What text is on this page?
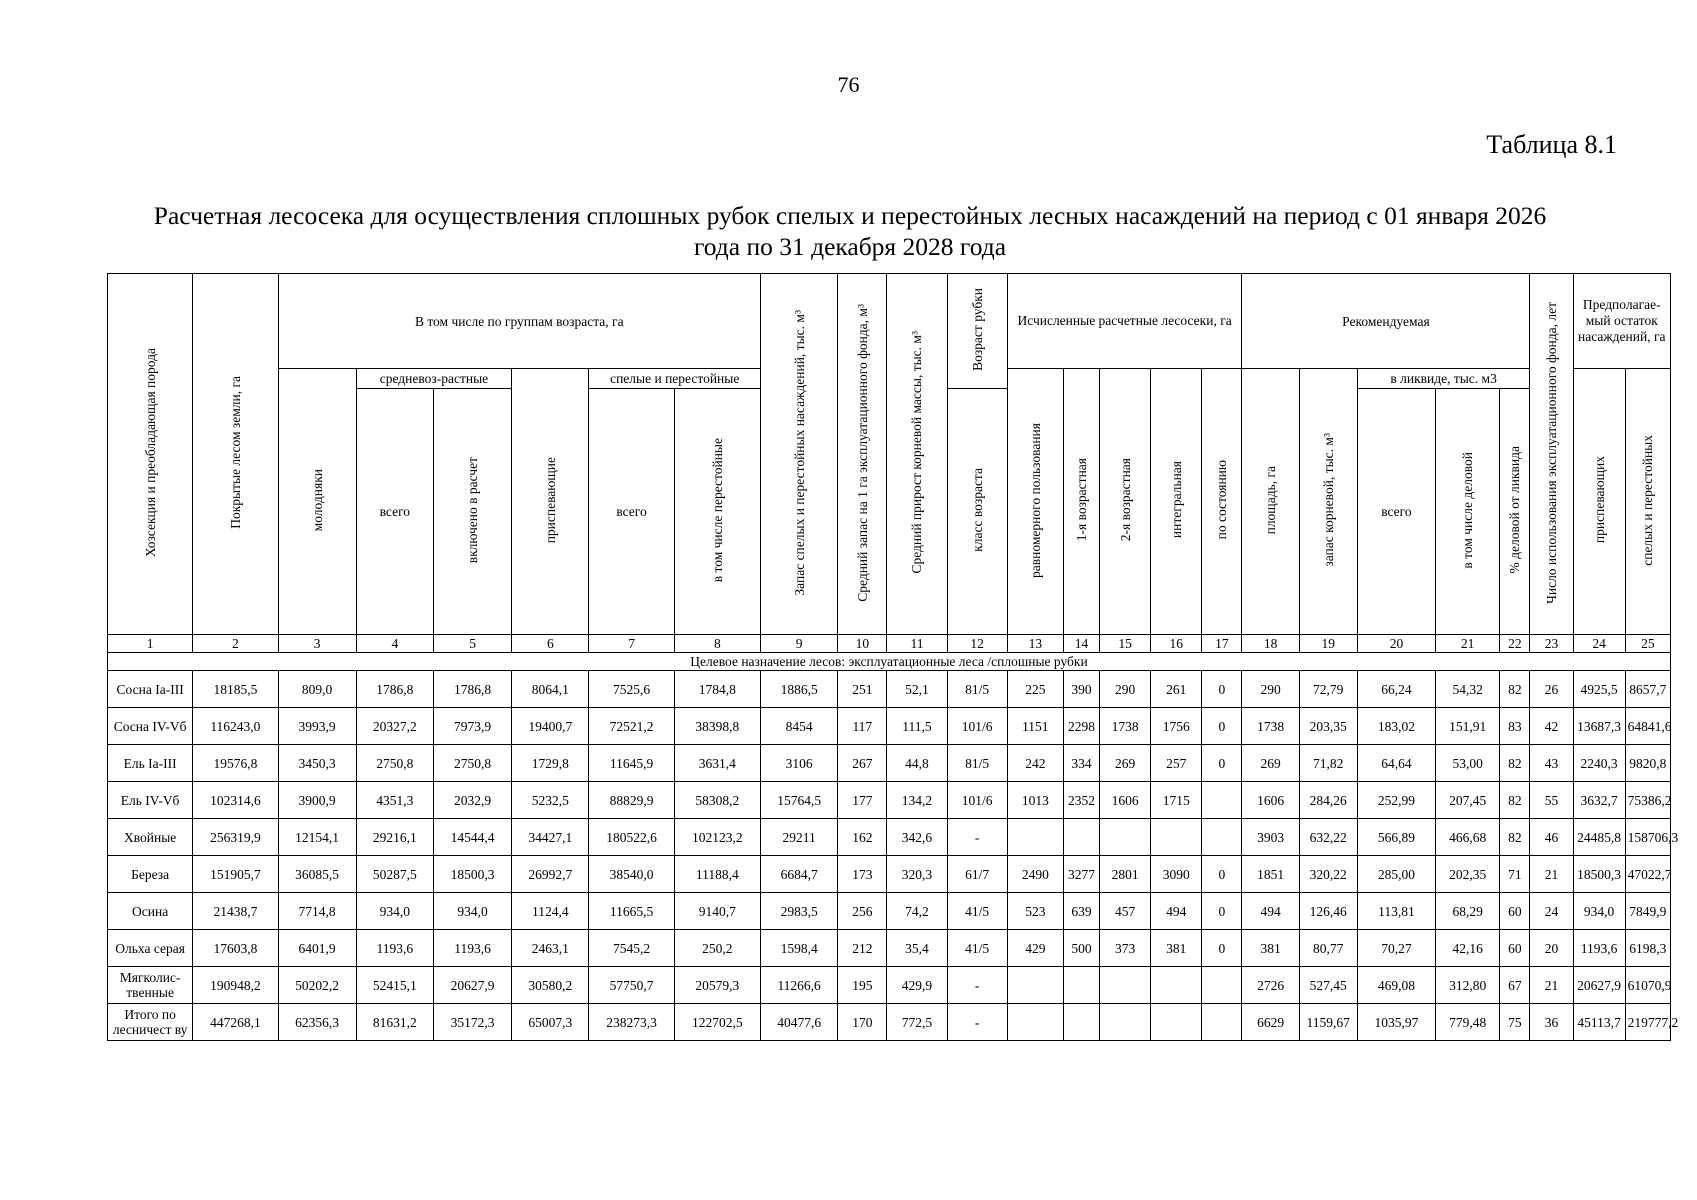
76
Таблица 8.1
Расчетная лесосека для осуществления сплошных рубок спелых и перестойных лесных насаждений на период с 01 января 2026 года по 31 декабря 2028 года
Хозсекция и преобладающая порода	Покрытые лесом земли, га	В том числе по группам возраста, га						Запас спелых и перестойных насаждений, тыс. м³	Средний запас на 1 га эксплуатационного фонда, м³	Средний прирост корневой массы, тыс. м³	Возраст рубки	Исчисленные расчетные лесосеки, га					Рекомендуемая					Число использования эксплуатационного фонда, лет	Предполагае-мый остаток насаждений, га	
		молодняки	средневоз-растные		приспевающие	спелые и перестойные						равномерного пользования	1-я возрастная	2-я возрастная	интегральная	по состоянию	площадь, га	запас корневой, тыс. м³	в ликвиде, тыс. м3				приспевающих	спелых и перестойных
			всего	включено в расчет		всего	в том числе перестойные				класс возраста								всего	в том числе деловой	% деловой от ликвида			
1	2	3	4	5	6	7	8	9	10	11	12	13	14	15	16	17	18	19	20	21	22	23	24	25
Целевое назначение лесов: эксплуатационные леса /сплошные рубки																								
Сосна Ia-III	18185,5	809,0	1786,8	1786,8	8064,1	7525,6	1784,8	1886,5	251	52,1	81/5	225	390	290	261	0	290	72,79	66,24	54,32	82	26	4925,5	8657,7
Сосна IV-Vб	116243,0	3993,9	20327,2	7973,9	19400,7	72521,2	38398,8	8454	117	111,5	101/6	1151	2298	1738	1756	0	1738	203,35	183,02	151,91	83	42	13687,3	64841,6
Ель Ia-III	19576,8	3450,3	2750,8	2750,8	1729,8	11645,9	3631,4	3106	267	44,8	81/5	242	334	269	257	0	269	71,82	64,64	53,00	82	43	2240,3	9820,8
Ель IV-Vб	102314,6	3900,9	4351,3	2032,9	5232,5	88829,9	58308,2	15764,5	177	134,2	101/6	1013	2352	1606	1715		1606	284,26	252,99	207,45	82	55	3632,7	75386,2
Хвойные	256319,9	12154,1	29216,1	14544,4	34427,1	180522,6	102123,2	29211	162	342,6	-						3903	632,22	566,89	466,68	82	46	24485,8	158706,3
Береза	151905,7	36085,5	50287,5	18500,3	26992,7	38540,0	11188,4	6684,7	173	320,3	61/7	2490	3277	2801	3090	0	1851	320,22	285,00	202,35	71	21	18500,3	47022,7
Осина	21438,7	7714,8	934,0	934,0	1124,4	11665,5	9140,7	2983,5	256	74,2	41/5	523	639	457	494	0	494	126,46	113,81	68,29	60	24	934,0	7849,9
Ольха серая	17603,8	6401,9	1193,6	1193,6	2463,1	7545,2	250,2	1598,4	212	35,4	41/5	429	500	373	381	0	381	80,77	70,27	42,16	60	20	1193,6	6198,3
Мягколис-твенные	190948,2	50202,2	52415,1	20627,9	30580,2	57750,7	20579,3	11266,6	195	429,9	-						2726	527,45	469,08	312,80	67	21	20627,9	61070,9
Итого по лесничест ву	447268,1	62356,3	81631,2	35172,3	65007,3	238273,3	122702,5	40477,6	170	772,5	-						6629	1159,67	1035,97	779,48	75	36	45113,7	219777,2
